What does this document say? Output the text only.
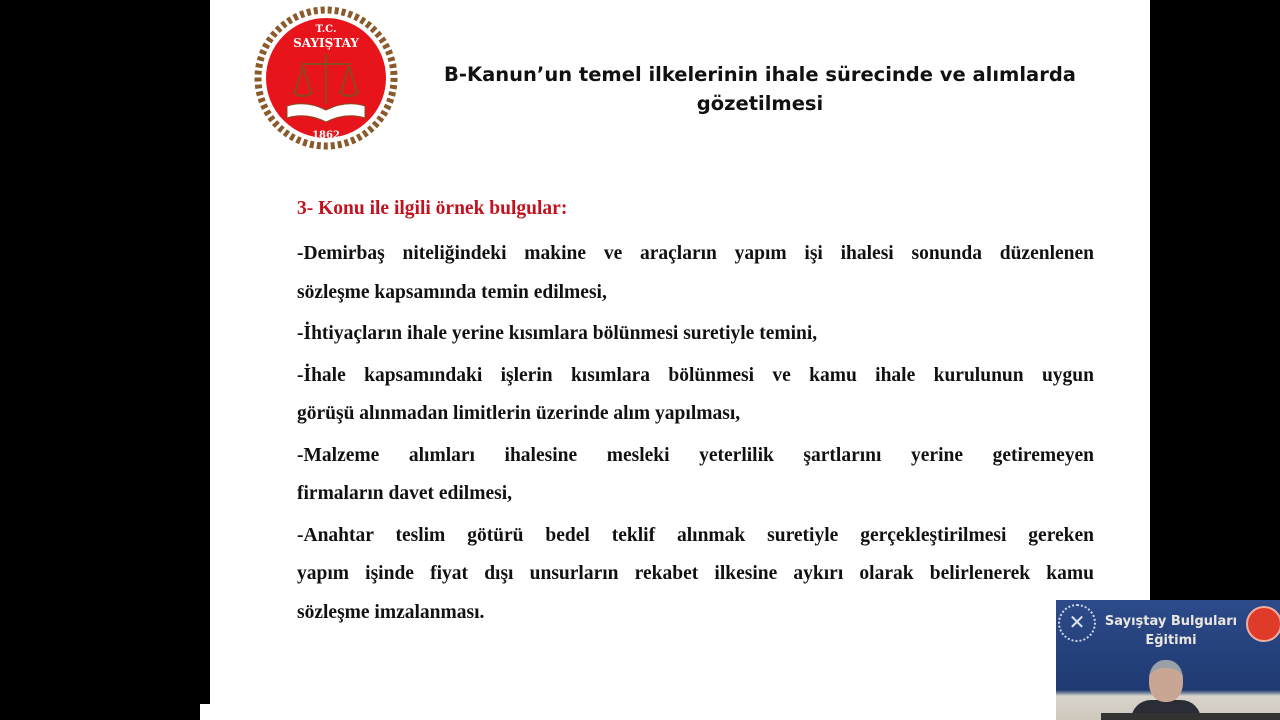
T.C.
SAYIŞTAY
1862
B-Kanun’un temel ilkelerinin ihale sürecinde ve alımlarda
gözetilmesi
3- Konu ile ilgili örnek bulgular:
-Demirbaş niteliğindeki makine ve araçların yapım işi ihalesi sonunda düzenlenen
sözleşme kapsamında temin edilmesi,
-İhtiyaçların ihale yerine kısımlara bölünmesi suretiyle temini,
-İhale kapsamındaki işlerin kısımlara bölünmesi ve kamu ihale kurulunun uygun
görüşü alınmadan limitlerin üzerinde alım yapılması,
-Malzeme alımları ihalesine mesleki yeterlilik şartlarını yerine getiremeyen
firmaların davet edilmesi,
-Anahtar teslim götürü bedel teklif alınmak suretiyle gerçekleştirilmesi gereken
yapım işinde fiyat dışı unsurların rekabet ilkesine aykırı olarak belirlenerek kamu
sözleşme imzalanması.	✕	Sayıştay Bulguları
Eğitimi
